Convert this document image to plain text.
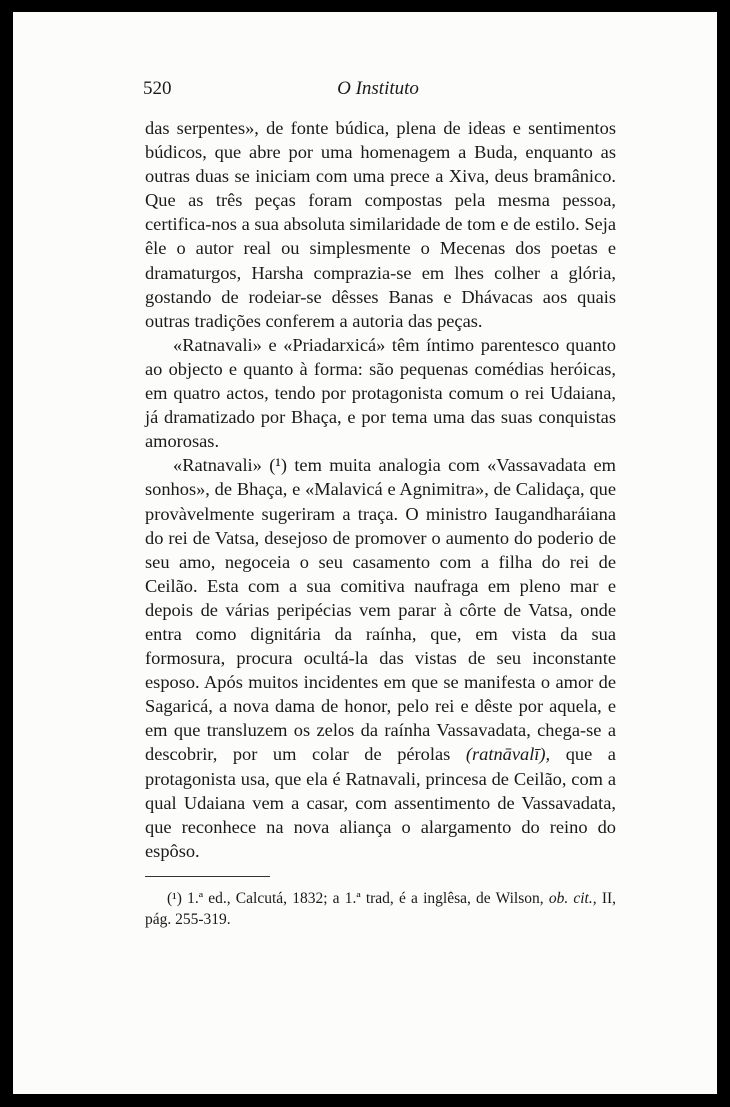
520	O Instituto

das serpentes», de fonte búdica, plena de ideas e sentimentos búdicos, que abre por uma homenagem a Buda, enquanto as outras duas se iniciam com uma prece a Xiva, deus bramânico. Que as três peças foram compostas pela mesma pessoa, certifica-nos a sua absoluta similaridade de tom e de estilo. Seja êle o autor real ou simplesmente o Mecenas dos poetas e dramaturgos, Harsha comprazia-se em lhes colher a glória, gostando de rodeiar-se dêsses Banas e Dhávacas aos quais outras tradições conferem a autoria das peças.

«Ratnavali» e «Priadarxicá» têm íntimo parentesco quanto ao objecto e quanto à forma: são pequenas comédias heróicas, em quatro actos, tendo por protagonista comum o rei Udaiana, já dramatizado por Bhaça, e por tema uma das suas conquistas amorosas.

«Ratnavali» (¹) tem muita analogia com «Vassavadata em sonhos», de Bhaça, e «Malavicá e Agnimitra», de Calidaça, que provàvelmente sugeriram a traça. O ministro Iaugandharáiana do rei de Vatsa, desejoso de promover o aumento do poderio de seu amo, negoceia o seu casamento com a filha do rei de Ceilão. Esta com a sua comitiva naufraga em pleno mar e depois de várias peripécias vem parar à côrte de Vatsa, onde entra como dignitária da raínha, que, em vista da sua formosura, procura ocultá-la das vistas de seu inconstante esposo. Após muitos incidentes em que se manifesta o amor de Sagaricá, a nova dama de honor, pelo rei e dêste por aquela, e em que transluzem os zelos da raínha Vassavadata, chega-se a descobrir, por um colar de pérolas (ratnāvalī), que a protagonista usa, que ela é Ratnavali, princesa de Ceilão, com a qual Udaiana vem a casar, com assentimento de Vassavadata, que reconhece na nova aliança o alargamento do reino do espôso.

(¹) 1.ª ed., Calcutá, 1832; a 1.ª trad, é a inglêsa, de Wilson, ob. cit., II, pág. 255-319.
